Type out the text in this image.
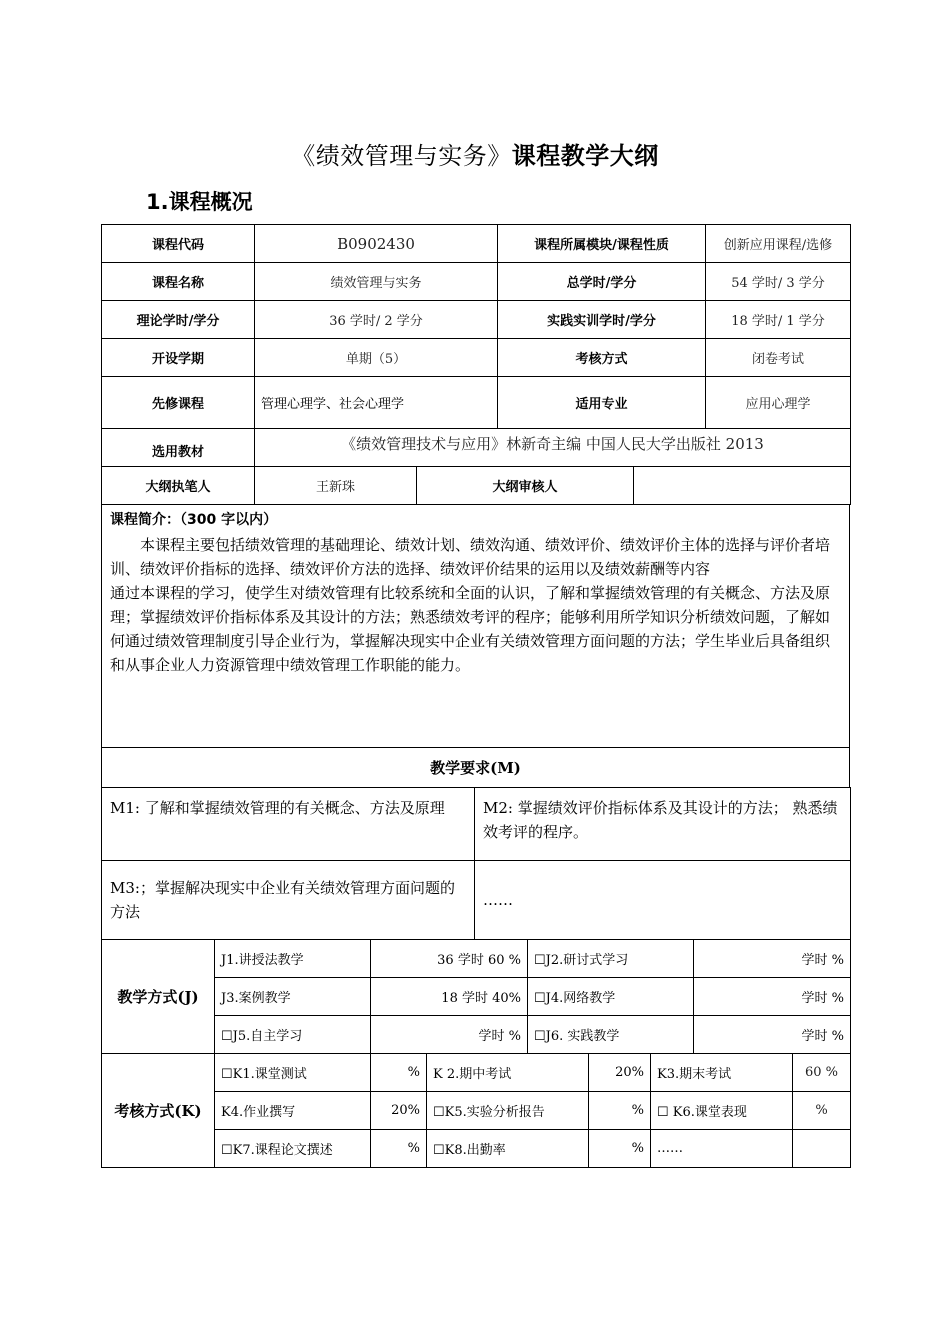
《绩效管理与实务》课程教学大纲
1.课程概况
课程代码	B0902430	课程所属模块/课程性质	创新应用课程/选修
课程名称	绩效管理与实务	总学时/学分	54 学时/ 3 学分
理论学时/学分	36 学时/ 2 学分	实践实训学时/学分	18 学时/ 1 学分
开设学期	单期（5）	考核方式	闭卷考试
先修课程	管理心理学、社会心理学	适用专业	应用心理学
选用教材	《绩效管理技术与应用》林新奇主编 中国人民大学出版社 2013		
大纲执笔人	王新珠	大纲审核人	
课程简介：（300 字以内）

本课程主要包括绩效管理的基础理论、绩效计划、绩效沟通、绩效评价、绩效评价主体的选择与评价者培训、绩效评价指标的选择、绩效评价方法的选择、绩效评价结果的运用以及绩效薪酬等内容

通过本课程的学习，使学生对绩效管理有比较系统和全面的认识，了解和掌握绩效管理的有关概念、方法及原理；掌握绩效评价指标体系及其设计的方法；熟悉绩效考评的程序；能够利用所学知识分析绩效问题，了解如何通过绩效管理制度引导企业行为，掌握解决现实中企业有关绩效管理方面问题的方法；学生毕业后具备组织和从事企业人力资源管理中绩效管理工作职能的能力。

教学要求(M)
M1: 了解和掌握绩效管理的有关概念、方法及原理	M2: 掌握绩效评价指标体系及其设计的方法； 熟悉绩效考评的程序。
M3:；掌握解决现实中企业有关绩效管理方面问题的方法	……
教学方式(J)	J1.讲授法教学	36 学时 60 %	☐J2.研讨式学习	学时 %
	J3.案例教学	18 学时 40%	☐J4.网络教学	学时 %
	☐J5.自主学习	学时 %	☐J6. 实践教学	学时 %
考核方式(K)	☐K1.课堂测试	%	K 2.期中考试	20%	K3.期末考试	60 %
	K4.作业撰写	20%	☐K5.实验分析报告	%	☐ K6.课堂表现	%
	☐K7.课程论文撰述	%	☐K8.出勤率	%	……	
